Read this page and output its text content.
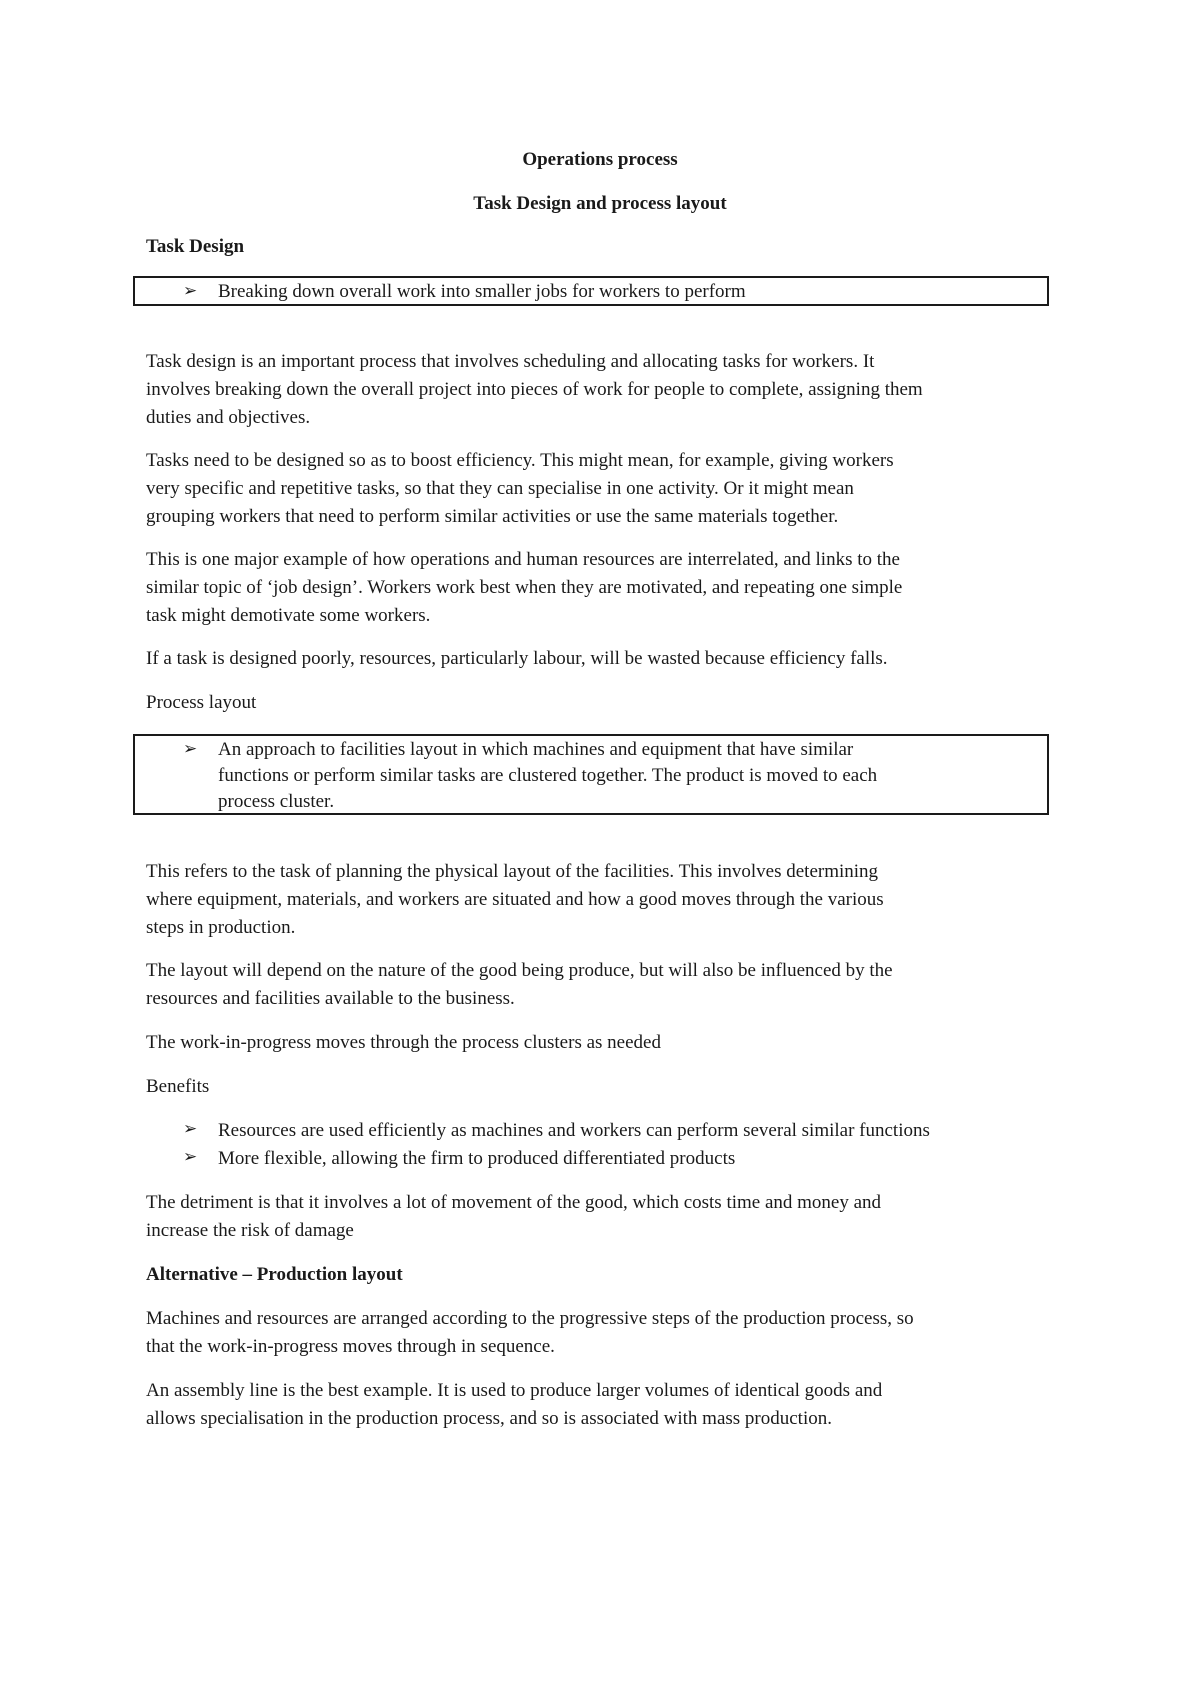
Operations process
Task Design and process layout
Task Design
➢ Breaking down overall work into smaller jobs for workers to perform
Task design is an important process that involves scheduling and allocating tasks for workers. It
involves breaking down the overall project into pieces of work for people to complete, assigning them
duties and objectives.
Tasks need to be designed so as to boost efficiency. This might mean, for example, giving workers
very specific and repetitive tasks, so that they can specialise in one activity. Or it might mean
grouping workers that need to perform similar activities or use the same materials together.
This is one major example of how operations and human resources are interrelated, and links to the
similar topic of ‘job design’. Workers work best when they are motivated, and repeating one simple
task might demotivate some workers.
If a task is designed poorly, resources, particularly labour, will be wasted because efficiency falls.
Process layout
➢ An approach to facilities layout in which machines and equipment that have similar
functions or perform similar tasks are clustered together. The product is moved to each
process cluster.
This refers to the task of planning the physical layout of the facilities. This involves determining
where equipment, materials, and workers are situated and how a good moves through the various
steps in production.
The layout will depend on the nature of the good being produce, but will also be influenced by the
resources and facilities available to the business.
The work-in-progress moves through the process clusters as needed
Benefits
➢ Resources are used efficiently as machines and workers can perform several similar functions
➢ More flexible, allowing the firm to produced differentiated products
The detriment is that it involves a lot of movement of the good, which costs time and money and
increase the risk of damage
Alternative – Production layout
Machines and resources are arranged according to the progressive steps of the production process, so
that the work-in-progress moves through in sequence.
An assembly line is the best example. It is used to produce larger volumes of identical goods and
allows specialisation in the production process, and so is associated with mass production.
